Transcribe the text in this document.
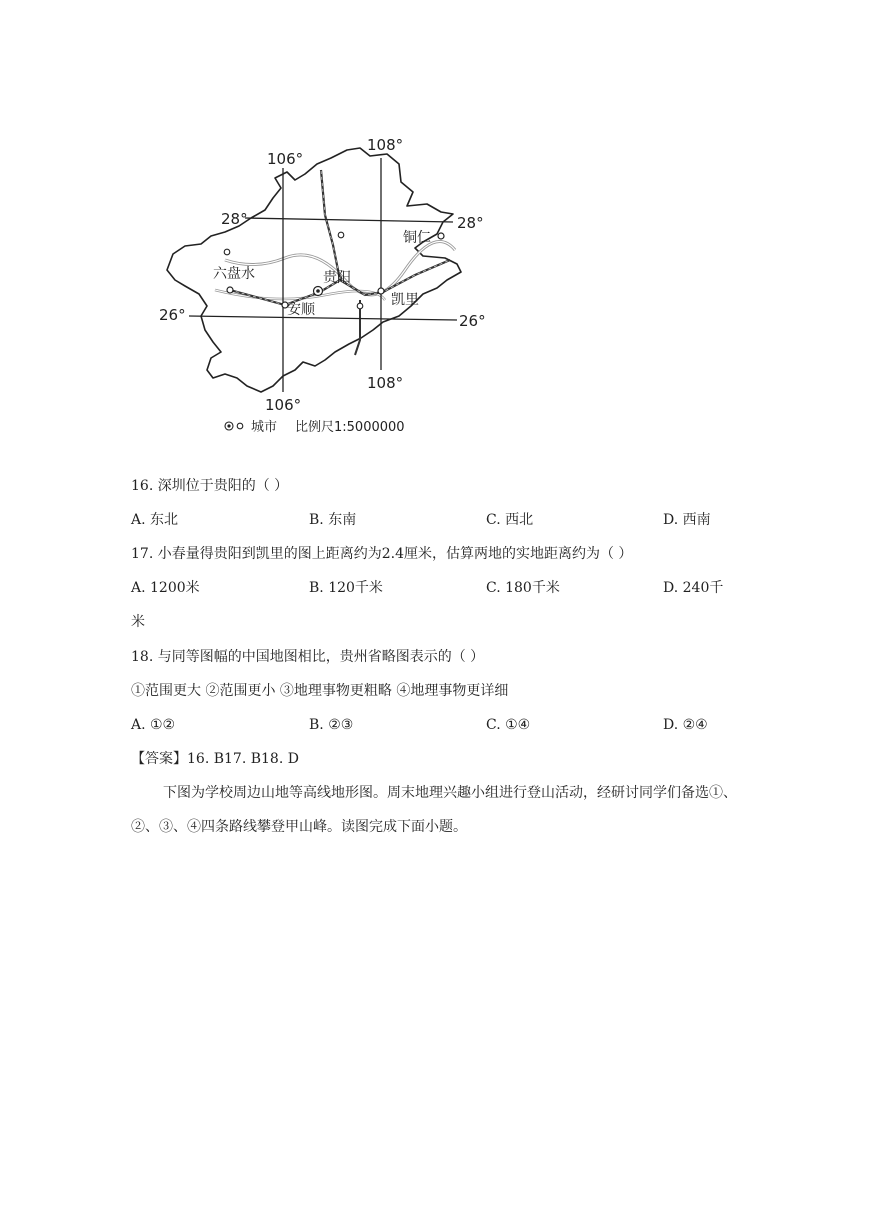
106°
106°
108°
108°
28°	28°
26°	26°
贵阳
六盘水
安顺
凯里
铜仁
城市 比例尺1:5000000
16. 深圳位于贵阳的（ ）
A. 东北	B. 东南	C. 西北	D. 西南
17. 小春量得贵阳到凯里的图上距离约为2.4厘米，估算两地的实地距离约为（ ）
A. 1200米	B. 120千米	C. 180千米	D. 240千
米
18. 与同等图幅的中国地图相比，贵州省略图表示的（ ）
①范围更大 ②范围更小 ③地理事物更粗略 ④地理事物更详细
A. ①②	B. ②③	C. ①④	D. ②④
【答案】16. B17. B18. D
下图为学校周边山地等高线地形图。周末地理兴趣小组进行登山活动，经研讨同学们备选①、②、③、④四条路线攀登甲山峰。读图完成下面小题。
